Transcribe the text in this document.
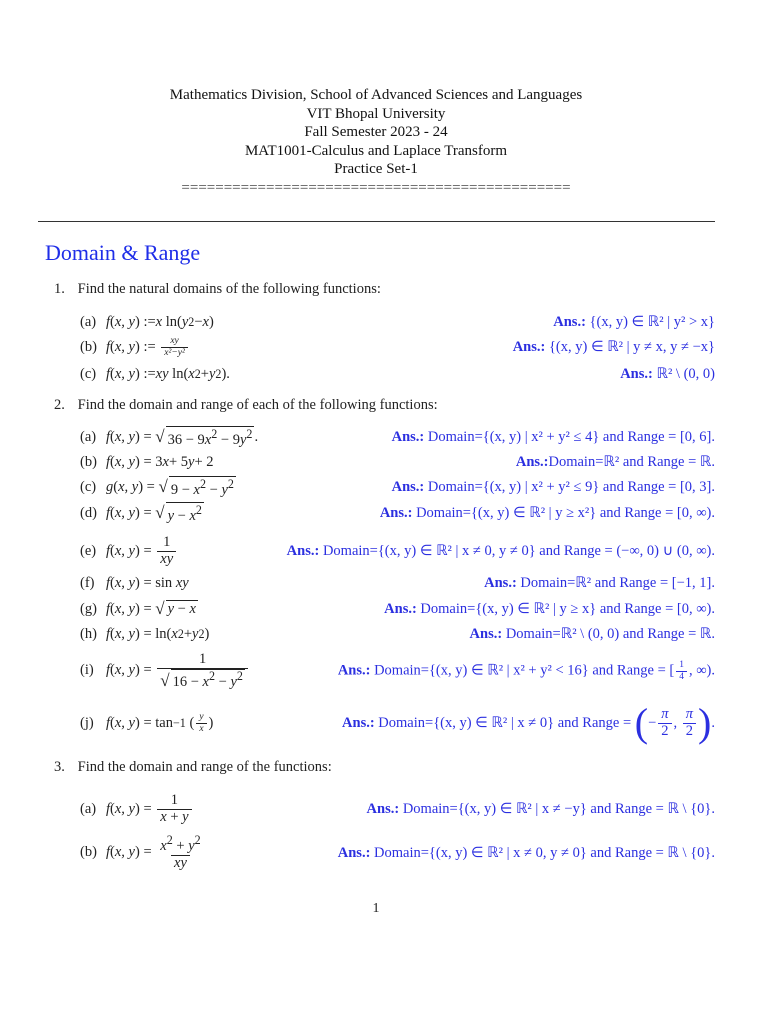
Mathematics Division, School of Advanced Sciences and Languages
VIT Bhopal University
Fall Semester 2023 - 24
MAT1001-Calculus and Laplace Transform
Practice Set-1
==============================================
Domain & Range
1. Find the natural domains of the following functions:
(a) f ( x, y ) := x ln( y 2 − x )	Ans.: {(x, y) ∈ ℝ² | y² > x}
(b) f ( x, y ) := $\frac{xy}{\text{x²−y²}}$	Ans.: {(x, y) ∈ ℝ² | y ≠ x, y ≠ −x}
(c) f ( x, y ) := xy ln( x 2 + y 2 ).	Ans.: ℝ² \ (0, 0)
2. Find the domain and range of each of the following functions:
(a) f ( x, y ) = √ $36 - 9x^2 - 9y^2$ .	Ans.: Domain={(x, y) | x² + y² ≤ 4} and Range = [0, 6].
(b) f ( x, y ) = 3 x + 5 y + 2	Ans.:Domain=ℝ² and Range = ℝ.
(c) g ( x, y ) = √ $9 - x^2 - y^2$	Ans.: Domain={(x, y) | x² + y² ≤ 9} and Range = [0, 3].
(d) f ( x, y ) = √ $y - x^2$	Ans.: Domain={(x, y) ∈ ℝ² | y ≥ x²} and Range = [0, ∞).
(e) f ( x, y ) = $\frac{1}{xy}$	Ans.: Domain={(x, y) ∈ ℝ² | x ≠ 0, y ≠ 0} and Range = (−∞, 0) ∪ (0, ∞).
(f) f ( x, y ) = sin xy	Ans.: Domain=ℝ² and Range = [−1, 1].
(g) f ( x, y ) = √ y − x	Ans.: Domain={(x, y) ∈ ℝ² | y ≥ x} and Range = [0, ∞).
(h) f ( x, y ) = ln( x 2 + y 2 )	Ans.: Domain=ℝ² \ (0, 0) and Range = ℝ.
(i) f ( x, y ) = $\frac{1}{√ 16 - x^2 - y^2}$	Ans.: Domain={(x, y) ∈ ℝ² | x² + y² < 16} and Range = [ $\frac{1}{4}$ , ∞).
(j) f ( x, y ) = tan −1 ( $\frac{y}{x}$ )	Ans.:
Domain={(x, y) ∈ ℝ² | x ≠ 0} and Range =
( − $\frac{\pi}{2}$ , $\frac{\pi}{2}$ ) .
3. Find the domain and range of the functions:
(a) f ( x, y ) = $\frac{1}{x + y}$	Ans.: Domain={(x, y) ∈ ℝ² | x ≠ −y} and Range = ℝ \ {0}.
(b) f ( x, y ) = $\frac{x^2 + y^2}{xy}$	Ans.: Domain={(x, y) ∈ ℝ² | x ≠ 0, y ≠ 0} and Range = ℝ \ {0}.
1
